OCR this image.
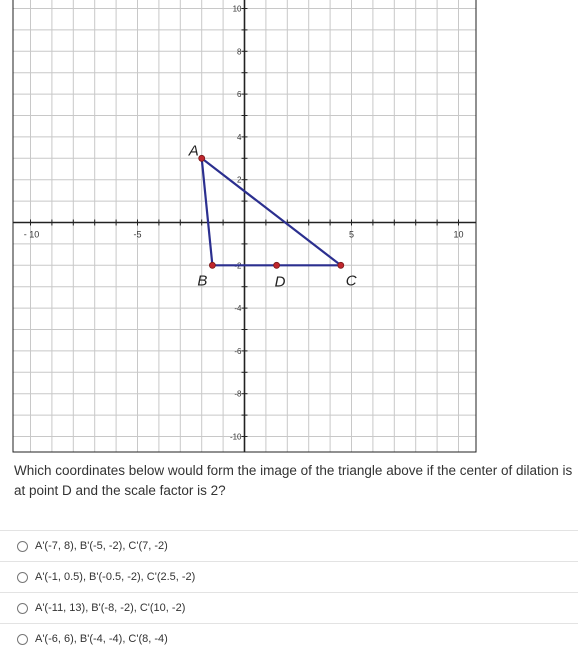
- 10	-5	5	10
10
8
6
4
2
-2
-4
-6
-8
-10
A
B	C
D

Which coordinates below would form the image of the triangle above if the center of dilation is at point D and the scale factor is 2?

A'(-7, 8), B'(-5, -2), C'(7, -2)
A'(-1, 0.5), B'(-0.5, -2), C'(2.5, -2)
A'(-11, 13), B'(-8, -2), C'(10, -2)
A'(-6, 6), B'(-4, -4), C'(8, -4)
